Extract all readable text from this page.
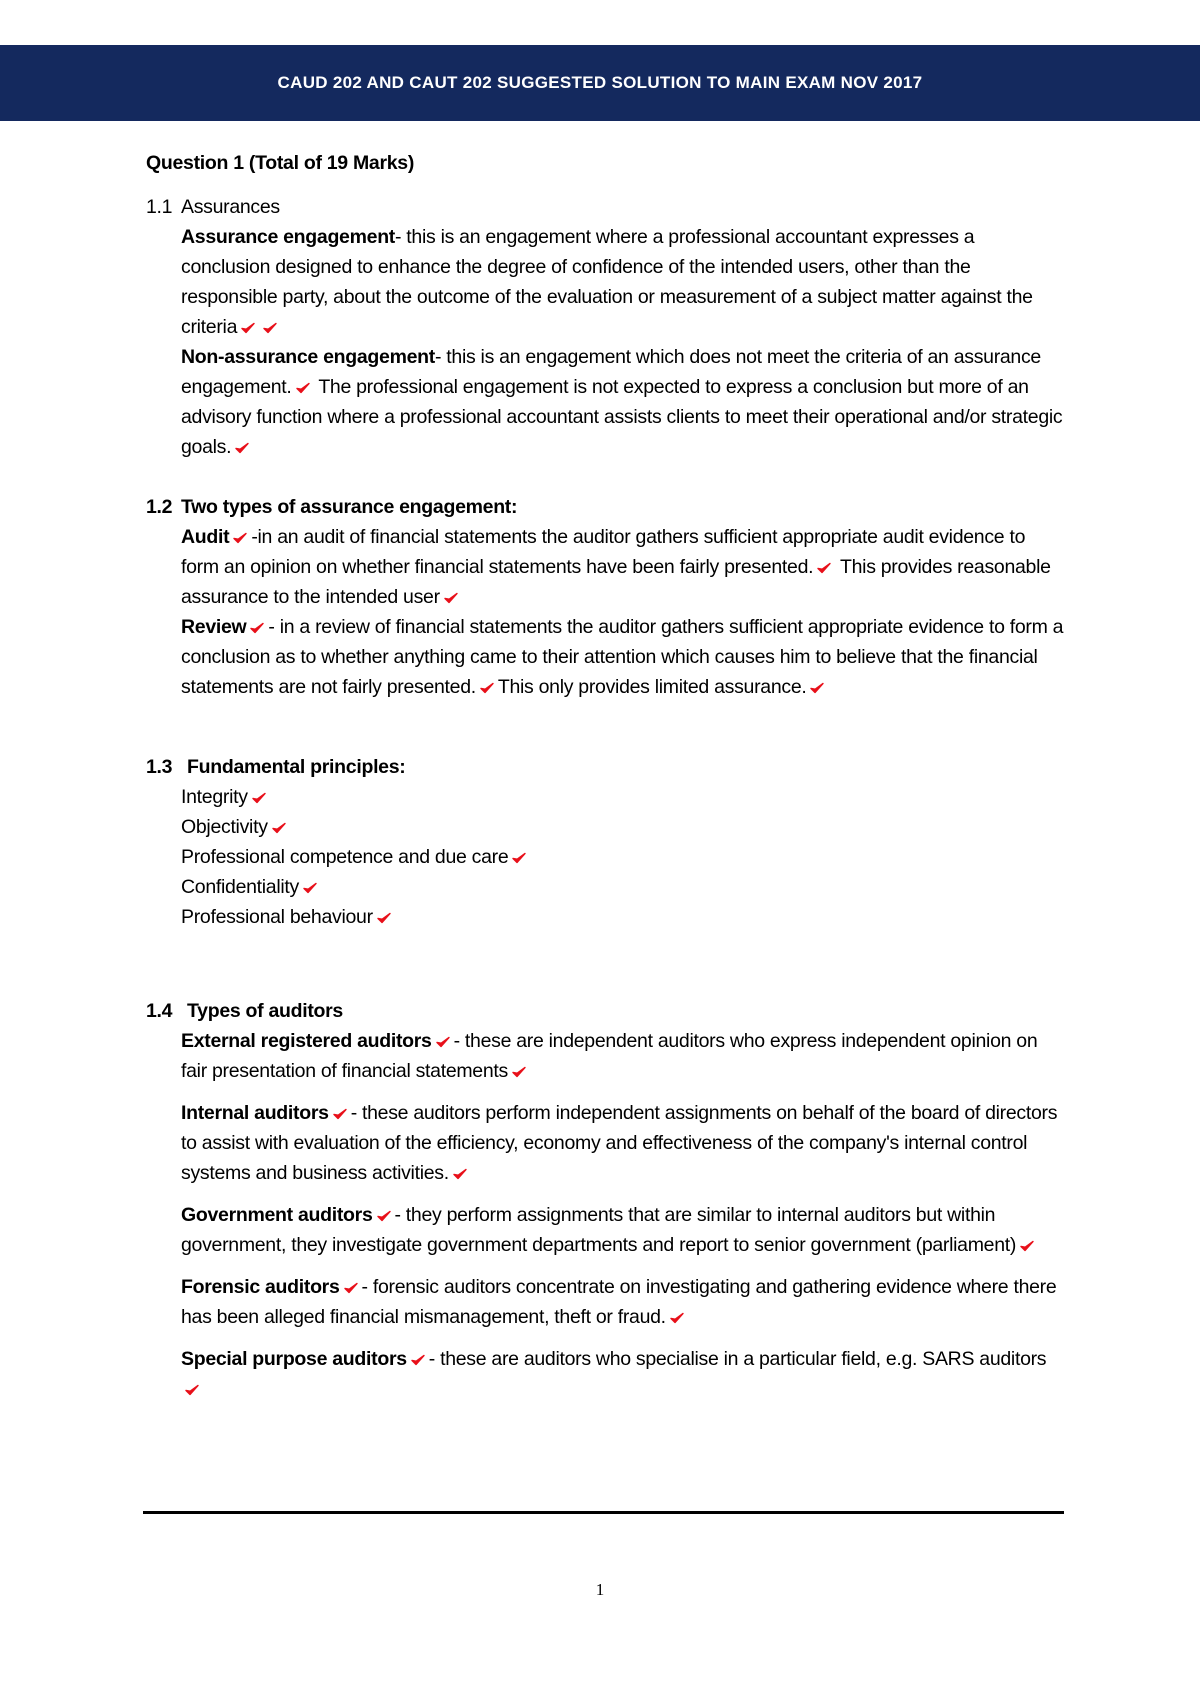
CAUD 202 AND CAUT 202 SUGGESTED SOLUTION TO MAIN EXAM NOV 2017

Question 1 (Total of 19 Marks)

1.1 Assurances

Assurance engagement- this is an engagement where a professional accountant expresses a conclusion designed to enhance the degree of confidence of the intended users, other than the responsible party, about the outcome of the evaluation or measurement of a subject matter against the criteria

Non-assurance engagement- this is an engagement which does not meet the criteria of an assurance engagement. The professional engagement is not expected to express a conclusion but more of an advisory function where a professional accountant assists clients to meet their operational and/or strategic goals.

1.2 Two types of assurance engagement:

Audit -in an audit of financial statements the auditor gathers sufficient appropriate audit evidence to form an opinion on whether financial statements have been fairly presented. This provides reasonable assurance to the intended user

Review - in a review of financial statements the auditor gathers sufficient appropriate evidence to form a conclusion as to whether anything came to their attention which causes him to believe that the financial statements are not fairly presented. This only provides limited assurance.

1.3 Fundamental principles:

Integrity

Objectivity

Professional competence and due care

Confidentiality

Professional behaviour

1.4 Types of auditors

External registered auditors - these are independent auditors who express independent opinion on fair presentation of financial statements

Internal auditors - these auditors perform independent assignments on behalf of the board of directors to assist with evaluation of the efficiency, economy and effectiveness of the company's internal control systems and business activities.

Government auditors - they perform assignments that are similar to internal auditors but within government, they investigate government departments and report to senior government (parliament)

Forensic auditors - forensic auditors concentrate on investigating and gathering evidence where there has been alleged financial mismanagement, theft or fraud.

Special purpose auditors - these are auditors who specialise in a particular field, e.g. SARS auditors

1
